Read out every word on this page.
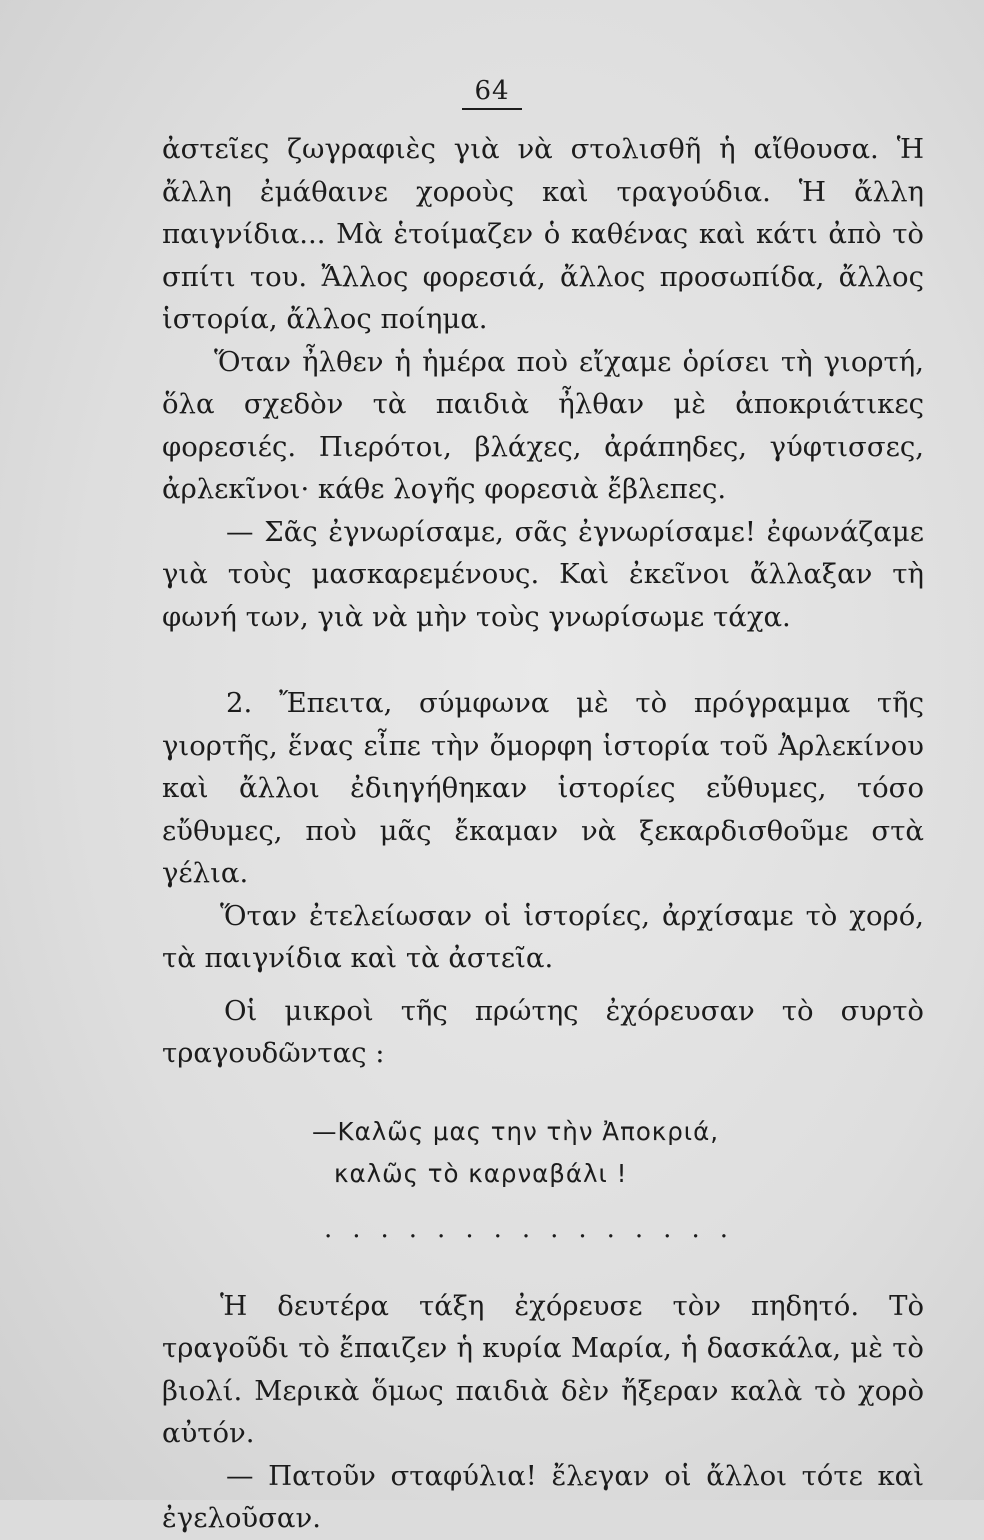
64

ἀστεῖες ζωγραφιὲς γιὰ νὰ στολισθῆ ἡ αἴθουσα. Ἡ ἄλλη ἐμάθαινε χοροὺς καὶ τραγούδια. Ἡ ἄλλη παιγνίδια... Μὰ ἑτοίμαζεν ὁ καθένας καὶ κάτι ἀπὸ τὸ σπίτι του. Ἄλλος φορεσιά, ἄλλος προσωπίδα, ἄλλος ἱστορία, ἄλλος ποίημα.

Ὅταν ἦλθεν ἡ ἡμέρα ποὺ εἴχαμε ὁρίσει τὴ γιορτή, ὅλα σχεδὸν τὰ παιδιὰ ἦλθαν μὲ ἀποκριάτικες φορεσιές. Πιερότοι, βλάχες, ἀράπηδες, γύφτισσες, ἀρλεκῖνοι· κάθε λογῆς φορεσιὰ ἔβλεπες.

— Σᾶς ἐγνωρίσαμε, σᾶς ἐγνωρίσαμε! ἐφωνάζαμε γιὰ τοὺς μασκαρεμένους. Καὶ ἐκεῖνοι ἄλλαξαν τὴ φωνή των, γιὰ νὰ μὴν τοὺς γνωρίσωμε τάχα.

2. Ἔπειτα, σύμφωνα μὲ τὸ πρόγραμμα τῆς γιορτῆς, ἕνας εἶπε τὴν ὄμορφη ἱστορία τοῦ Ἀρλεκίνου καὶ ἄλλοι ἐδιηγήθηκαν ἱστορίες εὔθυμες, τόσο εὔθυμες, ποὺ μᾶς ἔκαμαν νὰ ξεκαρδισθοῦμε στὰ γέλια.

Ὅταν ἐτελείωσαν οἱ ἱστορίες, ἀρχίσαμε τὸ χορό, τὰ παιγνίδια καὶ τὰ ἀστεῖα.

Οἱ μικροὶ τῆς πρώτης ἐχόρευσαν τὸ συρτὸ τραγουδῶντας :

—Καλῶς μας την τὴν Ἀποκριά,
καλῶς τὸ καρναβάλι !
...............

Ἡ δευτέρα τάξη ἐχόρευσε τὸν πηδητό. Τὸ τραγοῦδι τὸ ἔπαιζεν ἡ κυρία Μαρία, ἡ δασκάλα, μὲ τὸ βιολί. Μερικὰ ὅμως παιδιὰ δὲν ἤξεραν καλὰ τὸ χορὸ αὐτόν.

— Πατοῦν σταφύλια! ἔλεγαν οἱ ἄλλοι τότε καὶ ἐγελοῦσαν.
